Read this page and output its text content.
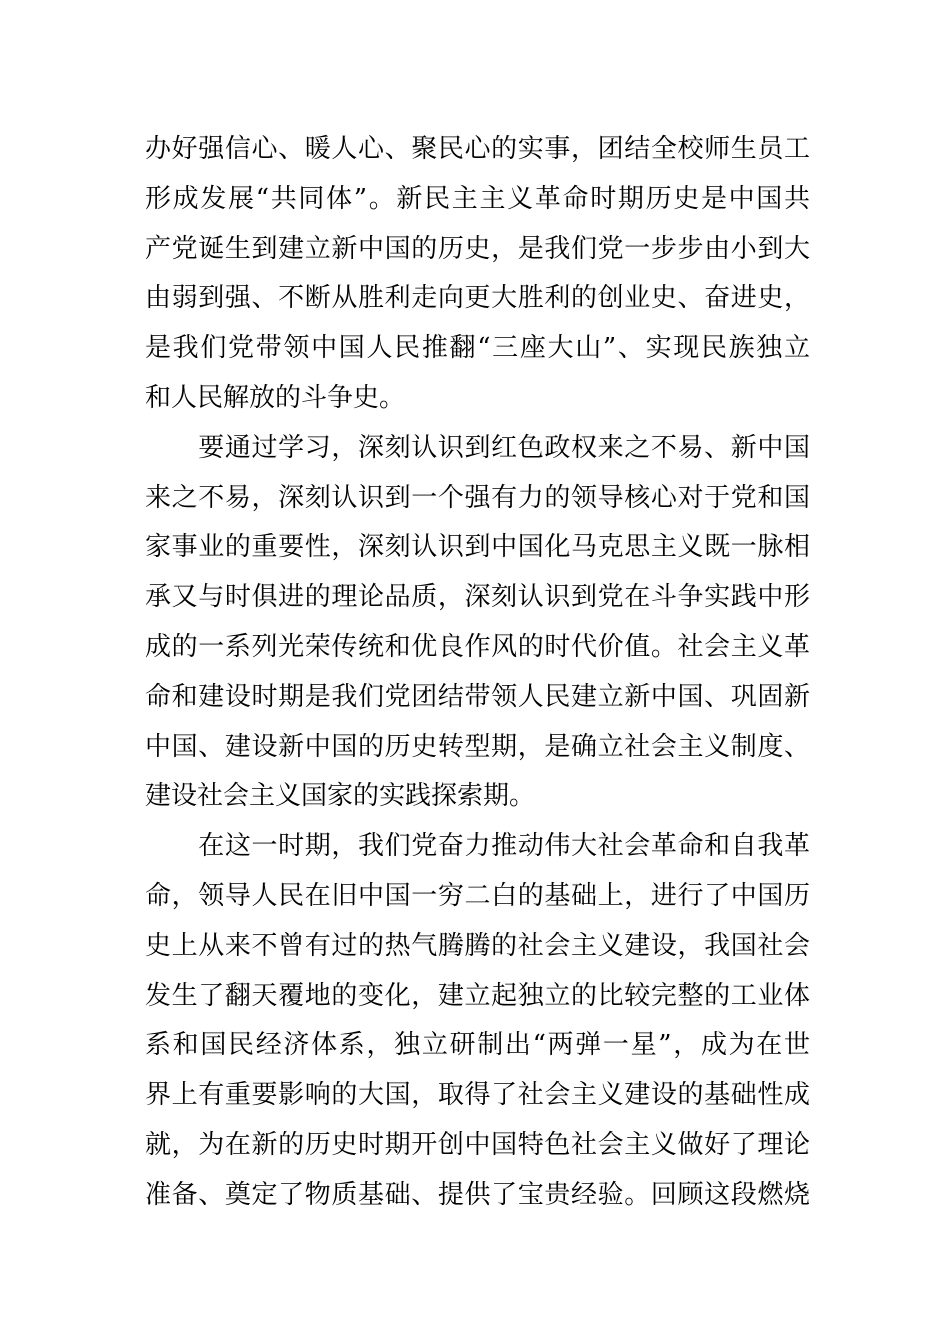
办好强信心、暖人心、聚民心的实事，团结全校师生员工
形成发展“共同体”。新民主主义革命时期历史是中国共
产党诞生到建立新中国的历史，是我们党一步步由小到大
由弱到强、不断从胜利走向更大胜利的创业史、奋进史，
是我们党带领中国人民推翻“三座大山”、实现民族独立
和人民解放的斗争史。
　　要通过学习，深刻认识到红色政权来之不易、新中国
来之不易，深刻认识到一个强有力的领导核心对于党和国
家事业的重要性，深刻认识到中国化马克思主义既一脉相
承又与时俱进的理论品质，深刻认识到党在斗争实践中形
成的一系列光荣传统和优良作风的时代价值。社会主义革
命和建设时期是我们党团结带领人民建立新中国、巩固新
中国、建设新中国的历史转型期，是确立社会主义制度、
建设社会主义国家的实践探索期。
　　在这一时期，我们党奋力推动伟大社会革命和自我革
命，领导人民在旧中国一穷二白的基础上，进行了中国历
史上从来不曾有过的热气腾腾的社会主义建设，我国社会
发生了翻天覆地的变化，建立起独立的比较完整的工业体
系和国民经济体系，独立研制出“两弹一星”，成为在世
界上有重要影响的大国，取得了社会主义建设的基础性成
就，为在新的历史时期开创中国特色社会主义做好了理论
准备、奠定了物质基础、提供了宝贵经验。回顾这段燃烧
